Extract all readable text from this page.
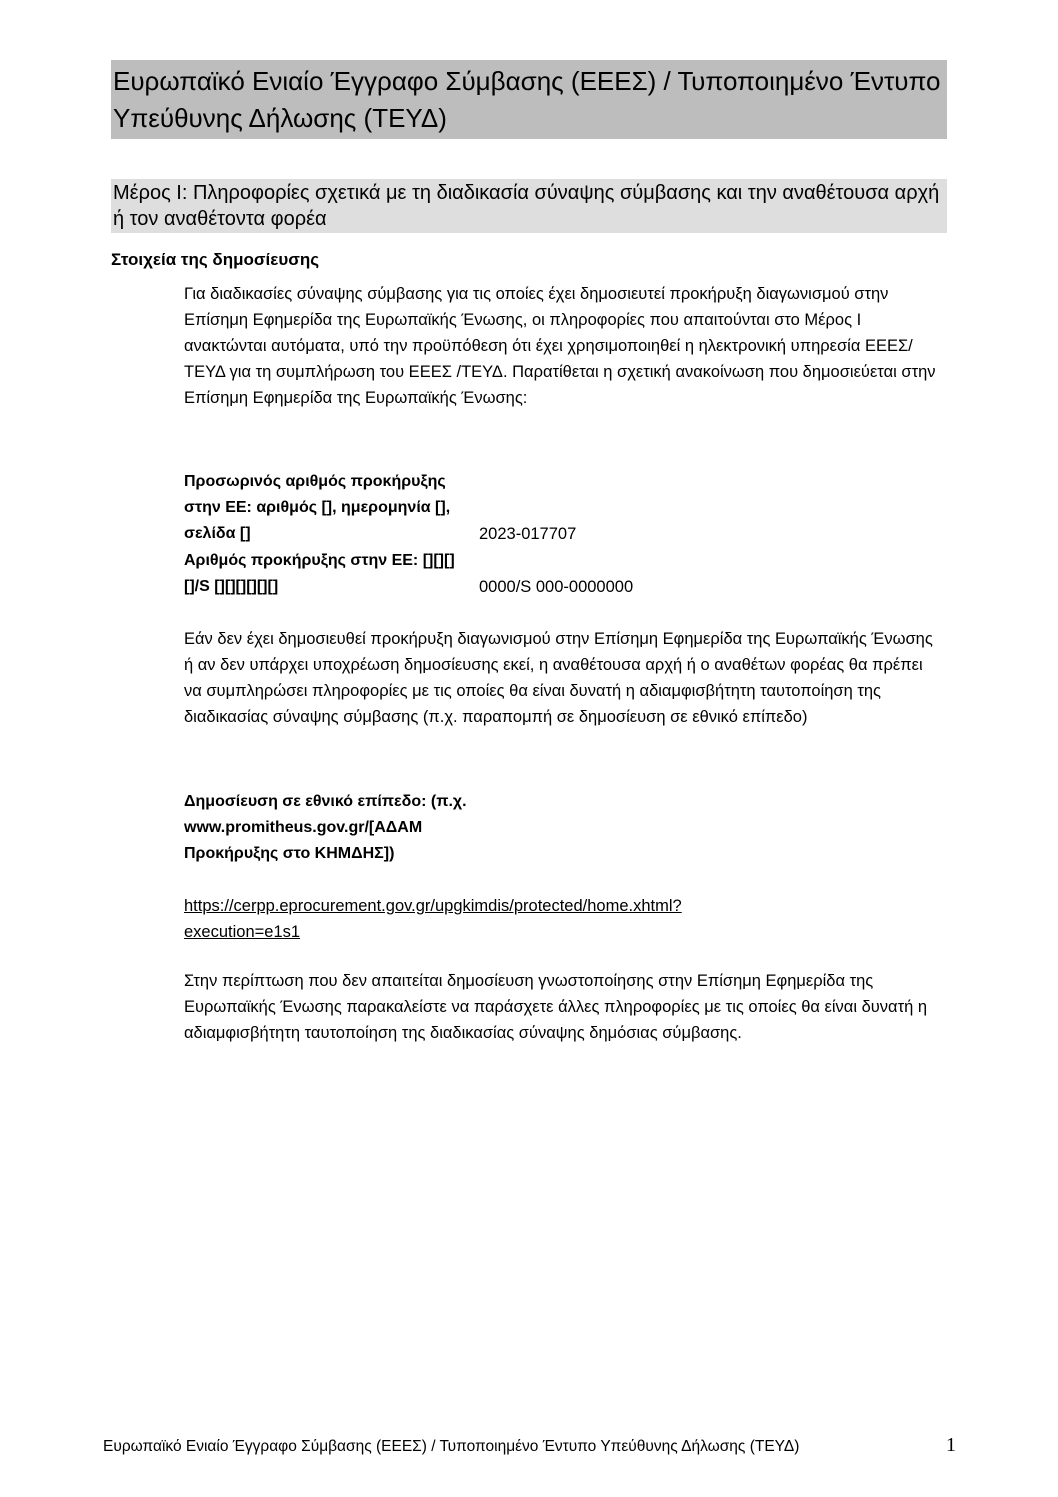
Ευρωπαϊκό Ενιαίο Έγγραφο Σύμβασης (ΕΕΕΣ) / Τυποποιημένο Έντυπο Υπεύθυνης Δήλωσης (ΤΕΥΔ)
Μέρος Ι: Πληροφορίες σχετικά με τη διαδικασία σύναψης σύμβασης και την αναθέτουσα αρχή ή τον αναθέτοντα φορέα
Στοιχεία της δημοσίευσης
Για διαδικασίες σύναψης σύμβασης για τις οποίες έχει δημοσιευτεί προκήρυξη διαγωνισμού στην Επίσημη Εφημερίδα της Ευρωπαϊκής Ένωσης, οι πληροφορίες που απαιτούνται στο Μέρος Ι ανακτώνται αυτόματα, υπό την προϋπόθεση ότι έχει χρησιμοποιηθεί η ηλεκτρονική υπηρεσία ΕΕΕΣ/ΤΕΥΔ για τη συμπλήρωση του ΕΕΕΣ /ΤΕΥΔ. Παρατίθεται η σχετική ανακοίνωση που δημοσιεύεται στην Επίσημη Εφημερίδα της Ευρωπαϊκής Ένωσης:
Προσωρινός αριθμός προκήρυξης στην ΕΕ: αριθμός [], ημερομηνία [], σελίδα []	2023-017707
Αριθμός προκήρυξης στην ΕΕ: [][][][]/S [][][][][][]	0000/S 000-0000000
Εάν δεν έχει δημοσιευθεί προκήρυξη διαγωνισμού στην Επίσημη Εφημερίδα της Ευρωπαϊκής Ένωσης ή αν δεν υπάρχει υποχρέωση δημοσίευσης εκεί, η αναθέτουσα αρχή ή ο αναθέτων φορέας θα πρέπει να συμπληρώσει πληροφορίες με τις οποίες θα είναι δυνατή η αδιαμφισβήτητη ταυτοποίηση της διαδικασίας σύναψης σύμβασης (π.χ. παραπομπή σε δημοσίευση σε εθνικό επίπεδο)
Δημοσίευση σε εθνικό επίπεδο: (π.χ. www.promitheus.gov.gr/[ΑΔΑΜ Προκήρυξης στο ΚΗΜΔΗΣ])
https://cerpp.eprocurement.gov.gr/upgkimdis/protected/home.xhtml?execution=e1s1
Στην περίπτωση που δεν απαιτείται δημοσίευση γνωστοποίησης στην Επίσημη Εφημερίδα της Ευρωπαϊκής Ένωσης παρακαλείστε να παράσχετε άλλες πληροφορίες με τις οποίες θα είναι δυνατή η αδιαμφισβήτητη ταυτοποίηση της διαδικασίας σύναψης δημόσιας σύμβασης.
Ευρωπαϊκό Ενιαίο Έγγραφο Σύμβασης (ΕΕΕΣ) / Τυποποιημένο Έντυπο Υπεύθυνης Δήλωσης (ΤΕΥΔ)	1
